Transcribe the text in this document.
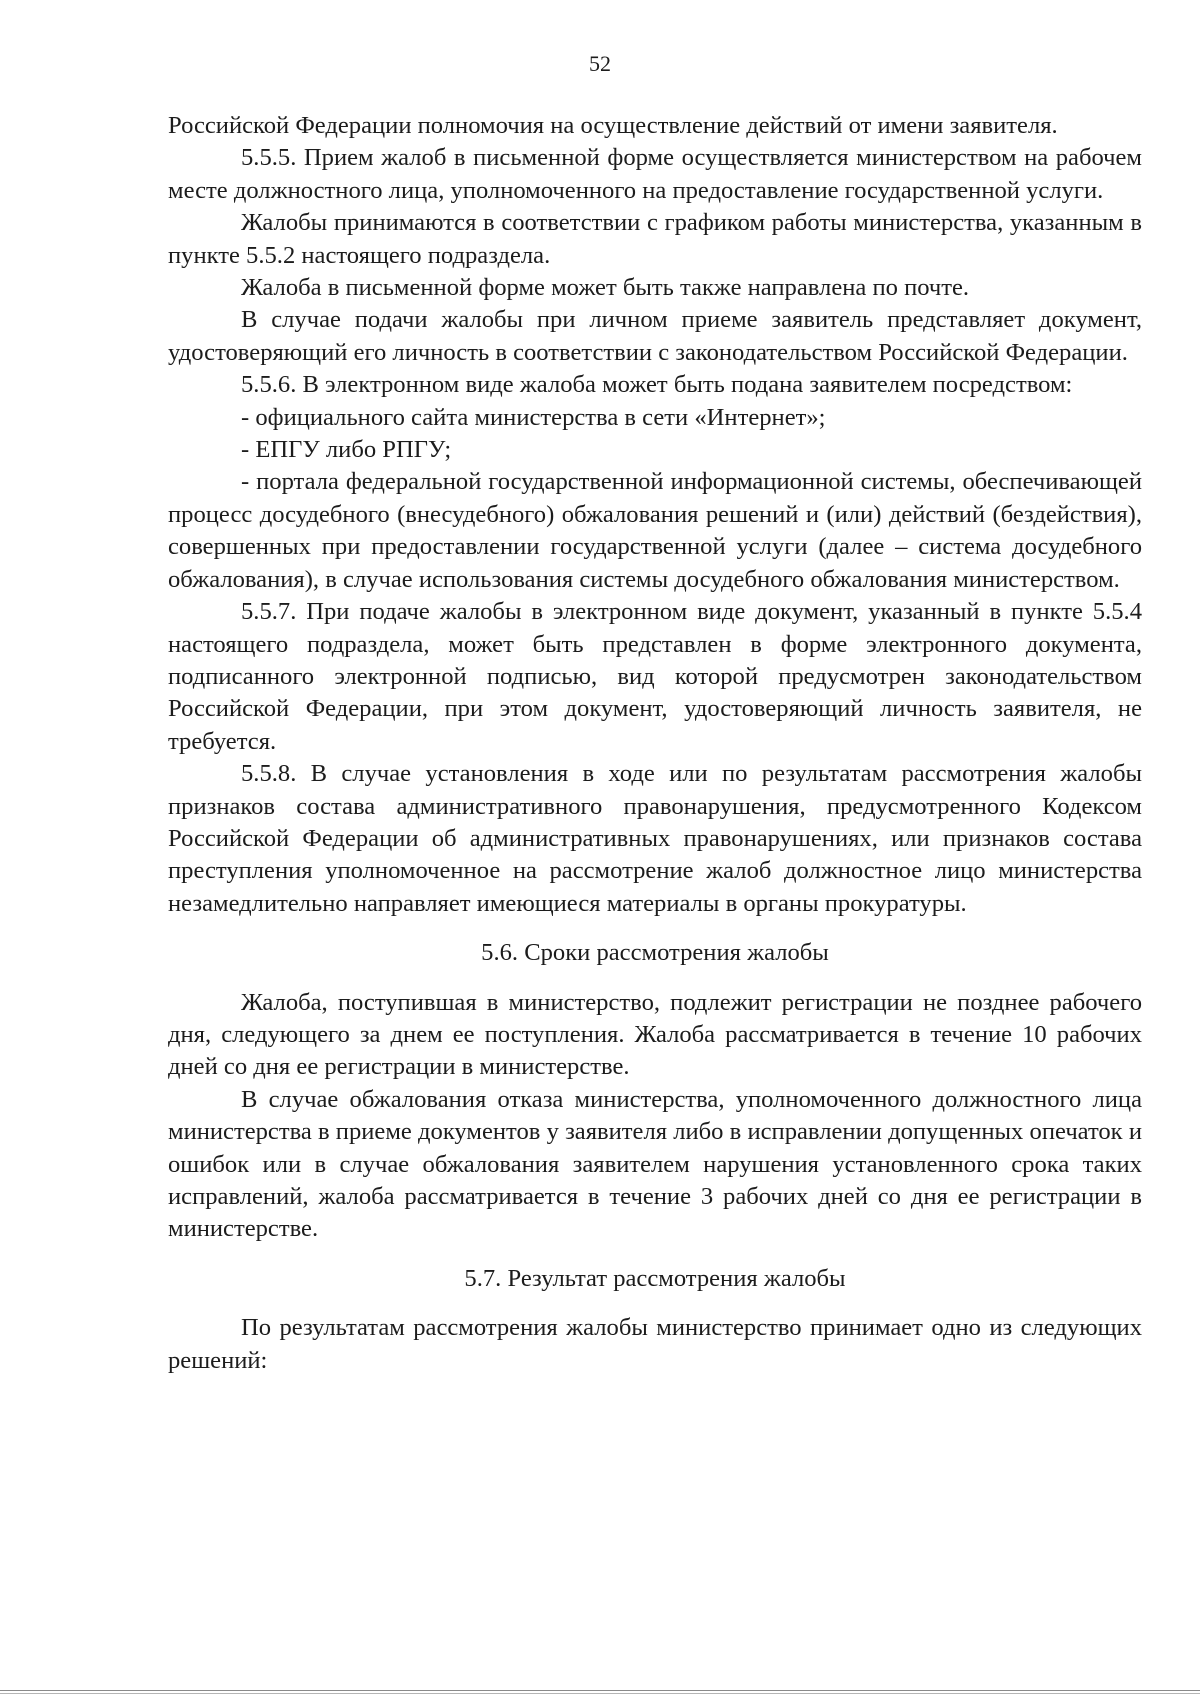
52

Российской Федерации полномочия на осуществление действий от имени заявителя.

5.5.5. Прием жалоб в письменной форме осуществляется министерством на рабочем месте должностного лица, уполномоченного на предоставление государственной услуги.

Жалобы принимаются в соответствии с графиком работы министерства, указанным в пункте 5.5.2 настоящего подраздела.

Жалоба в письменной форме может быть также направлена по почте.

В случае подачи жалобы при личном приеме заявитель представляет документ, удостоверяющий его личность в соответствии с законодательством Российской Федерации.

5.5.6. В электронном виде жалоба может быть подана заявителем посредством:

- официального сайта министерства в сети «Интернет»;

- ЕПГУ либо РПГУ;

- портала федеральной государственной информационной системы, обеспечивающей процесс досудебного (внесудебного) обжалования решений и (или) действий (бездействия), совершенных при предоставлении государственной услуги (далее – система досудебного обжалования), в случае использования системы досудебного обжалования министерством.

5.5.7. При подаче жалобы в электронном виде документ, указанный в пункте 5.5.4 настоящего подраздела, может быть представлен в форме электронного документа, подписанного электронной подписью, вид которой предусмотрен законодательством Российской Федерации, при этом документ, удостоверяющий личность заявителя, не требуется.

5.5.8. В случае установления в ходе или по результатам рассмотрения жалобы признаков состава административного правонарушения, предусмотренного Кодексом Российской Федерации об административных правонарушениях, или признаков состава преступления уполномоченное на рассмотрение жалоб должностное лицо министерства незамедлительно направляет имеющиеся материалы в органы прокуратуры.

5.6. Сроки рассмотрения жалобы

Жалоба, поступившая в министерство, подлежит регистрации не позднее рабочего дня, следующего за днем ее поступления. Жалоба рассматривается в течение 10 рабочих дней со дня ее регистрации в министерстве.

В случае обжалования отказа министерства, уполномоченного должностного лица министерства в приеме документов у заявителя либо в исправлении допущенных опечаток и ошибок или в случае обжалования заявителем нарушения установленного срока таких исправлений, жалоба рассматривается в течение 3 рабочих дней со дня ее регистрации в министерстве.

5.7. Результат рассмотрения жалобы

По результатам рассмотрения жалобы министерство принимает одно из следующих решений:
